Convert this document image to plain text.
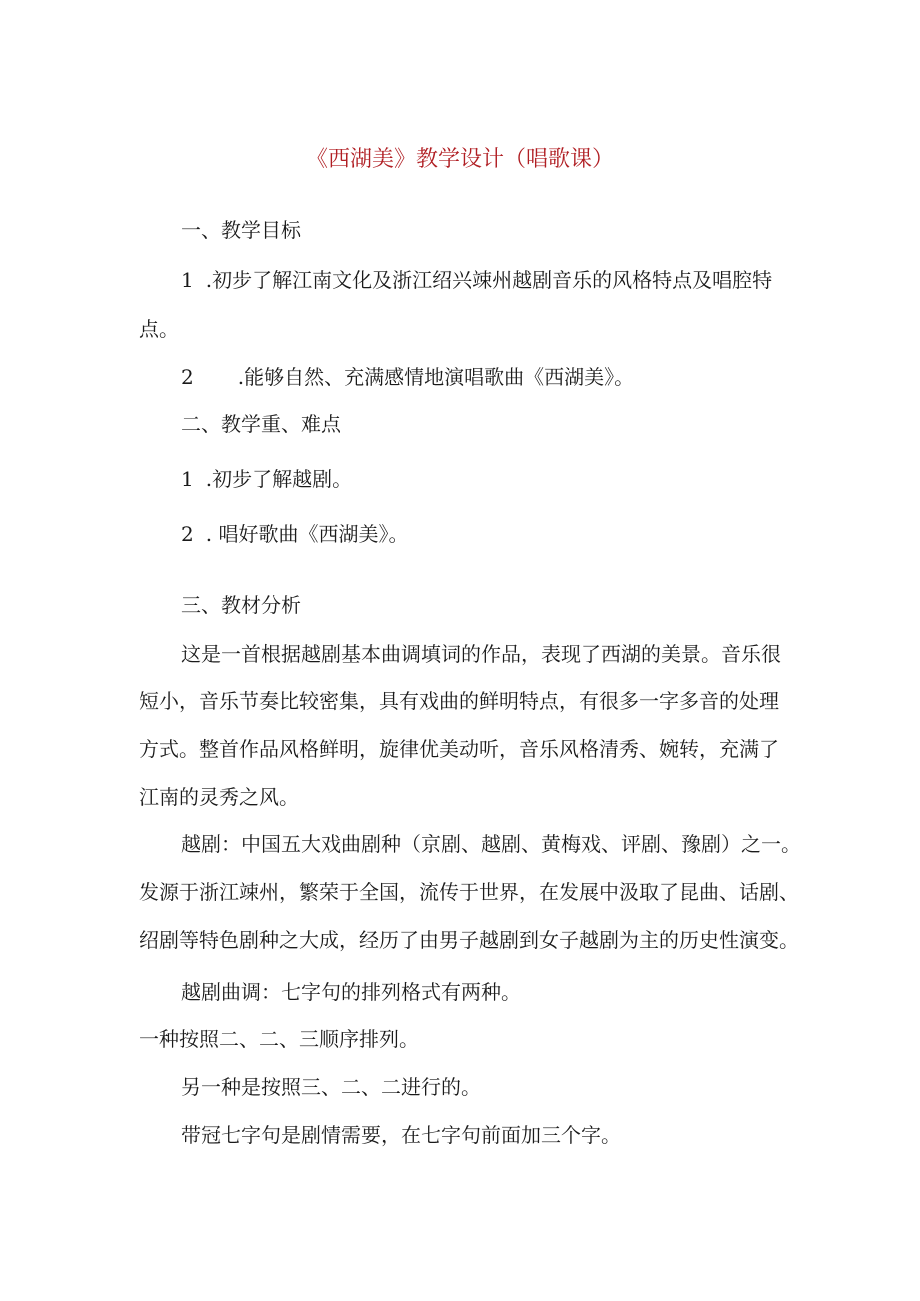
《西湖美》教学设计（唱歌课）
一、教学目标
1 .初步了解江南文化及浙江绍兴竦州越剧音乐的风格特点及唱腔特
点。
2 .能够自然、充满感情地演唱歌曲《西湖美》。
二、教学重、难点
1 .初步了解越剧。
2 . 唱好歌曲《西湖美》。
三、教材分析
这是一首根据越剧基本曲调填词的作品，表现了西湖的美景。音乐很
短小，音乐节奏比较密集，具有戏曲的鲜明特点，有很多一字多音的处理
方式。整首作品风格鲜明，旋律优美动听，音乐风格清秀、婉转，充满了
江南的灵秀之风。
越剧：中国五大戏曲剧种（京剧、越剧、黄梅戏、评剧、豫剧）之一。
发源于浙江竦州，繁荣于全国，流传于世界，在发展中汲取了昆曲、话剧、
绍剧等特色剧种之大成，经历了由男子越剧到女子越剧为主的历史性演变。
越剧曲调：七字句的排列格式有两种。
一种按照二、二、三顺序排列。
另一种是按照三、二、二进行的。
带冠七字句是剧情需要，在七字句前面加三个字。
